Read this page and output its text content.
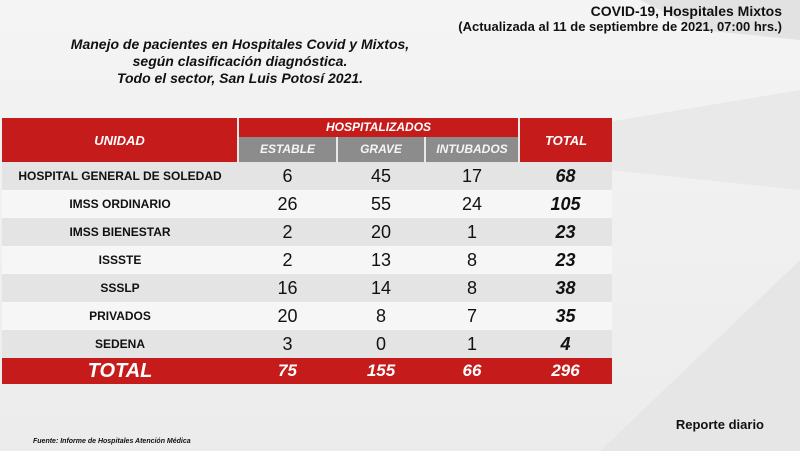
COVID-19, Hospitales Mixtos
(Actualizada al 11 de septiembre de 2021, 07:00 hrs.)
Manejo de pacientes en Hospitales Covid y Mixtos,
según clasificación diagnóstica.
Todo el sector, San Luis Potosí 2021.
UNIDAD	HOSPITALIZADOS			TOTAL
	ESTABLE	GRAVE	INTUBADOS	
HOSPITAL GENERAL DE SOLEDAD	6	45	17	68
IMSS ORDINARIO	26	55	24	105
IMSS BIENESTAR	2	20	1	23
ISSSTE	2	13	8	23
SSSLP	16	14	8	38
PRIVADOS	20	8	7	35
SEDENA	3	0	1	4
TOTAL	75	155	66	296
Reporte diario
Fuente: Informe de Hospitales Atención Médica
